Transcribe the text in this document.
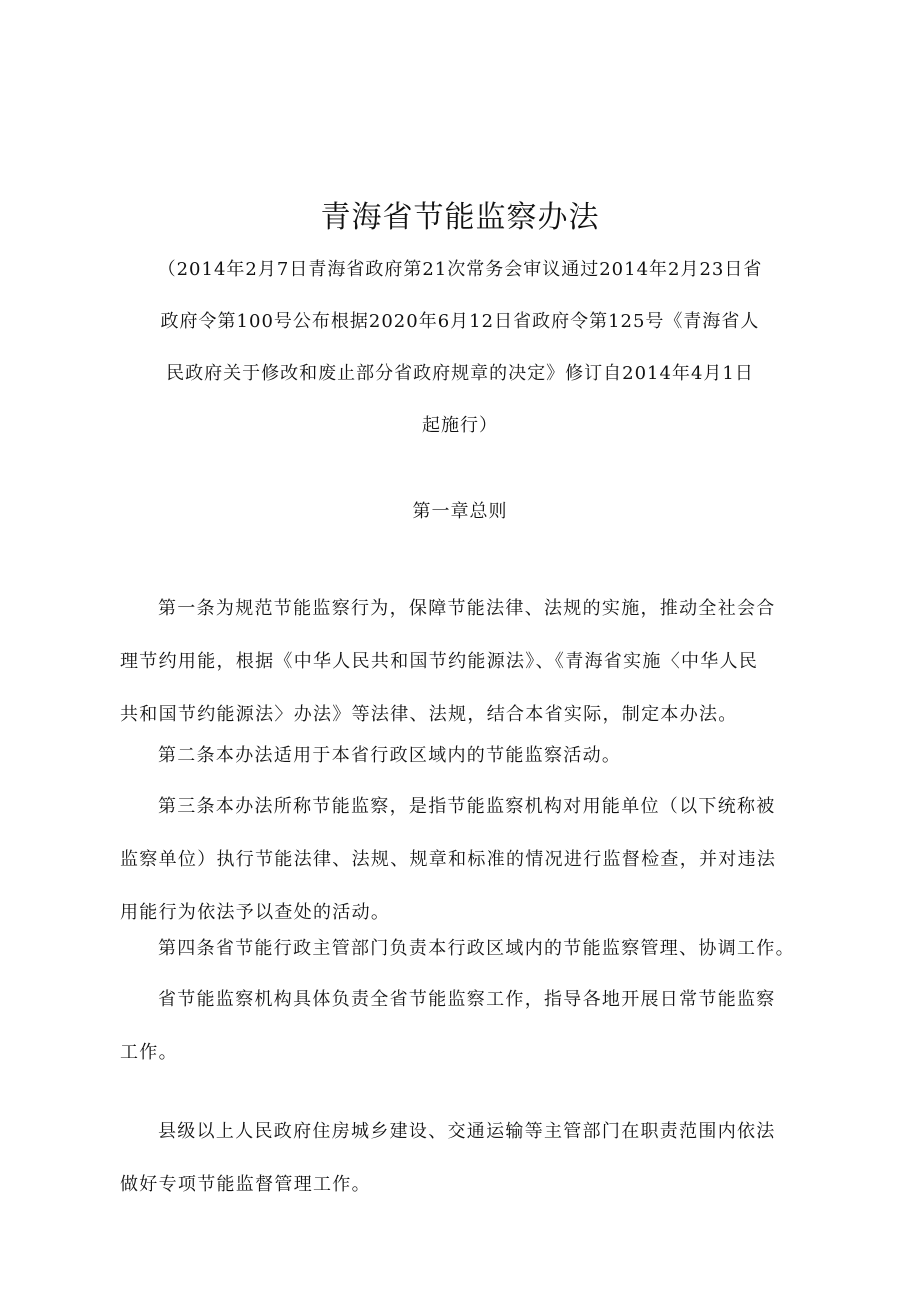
青海省节能监察办法
（2014年2月7日青海省政府第21次常务会审议通过2014年2月23日省
政府令第100号公布根据2020年6月12日省政府令第125号《青海省人
民政府关于修改和废止部分省政府规章的决定》修订自2014年4月1日
起施行）
第一章总则
第一条为规范节能监察行为，保障节能法律、法规的实施，推动全社会合
理节约用能，根据《中华人民共和国节约能源法》、《青海省实施〈中华人民
共和国节约能源法〉办法》等法律、法规，结合本省实际，制定本办法。
第二条本办法适用于本省行政区域内的节能监察活动。
第三条本办法所称节能监察，是指节能监察机构对用能单位（以下统称被
监察单位）执行节能法律、法规、规章和标准的情况进行监督检查，并对违法
用能行为依法予以查处的活动。
第四条省节能行政主管部门负责本行政区域内的节能监察管理、协调工作。
省节能监察机构具体负责全省节能监察工作，指导各地开展日常节能监察
工作。
县级以上人民政府住房城乡建设、交通运输等主管部门在职责范围内依法
做好专项节能监督管理工作。
